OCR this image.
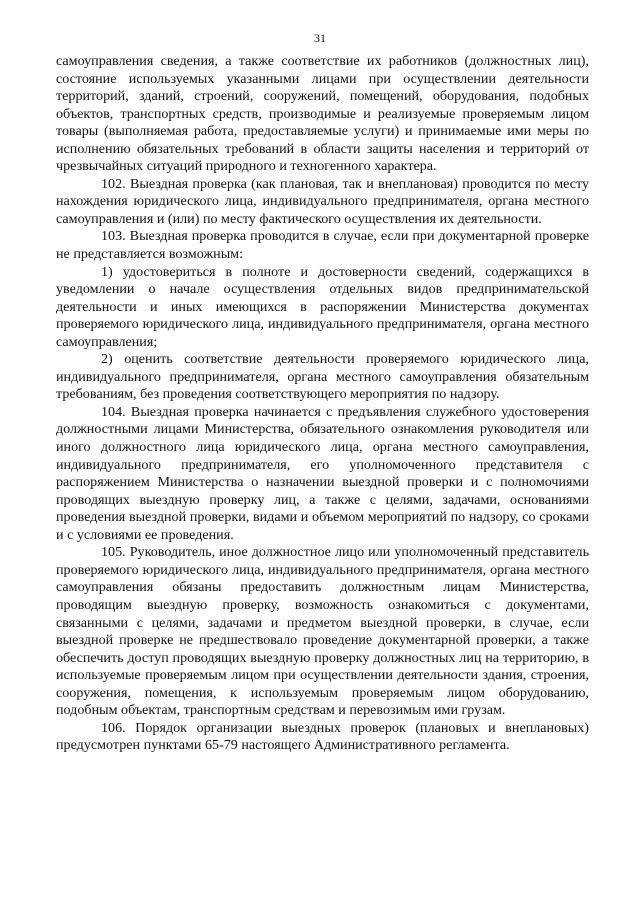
31

самоуправления сведения, а также соответствие их работников (должностных лиц), состояние используемых указанными лицами при осуществлении деятельности территорий, зданий, строений, сооружений, помещений, оборудования, подобных объектов, транспортных средств, производимые и реализуемые проверяемым лицом товары (выполняемая работа, предоставляемые услуги) и принимаемые ими меры по исполнению обязательных требований в области защиты населения и территорий от чрезвычайных ситуаций природного и техногенного характера.

102. Выездная проверка (как плановая, так и внеплановая) проводится по месту нахождения юридического лица, индивидуального предпринимателя, органа местного самоуправления и (или) по месту фактического осуществления их деятельности.

103. Выездная проверка проводится в случае, если при документарной проверке не представляется возможным:

1) удостовериться в полноте и достоверности сведений, содержащихся в уведомлении о начале осуществления отдельных видов предпринимательской деятельности и иных имеющихся в распоряжении Министерства документах проверяемого юридического лица, индивидуального предпринимателя, органа местного самоуправления;

2) оценить соответствие деятельности проверяемого юридического лица, индивидуального предпринимателя, органа местного самоуправления обязательным требованиям, без проведения соответствующего мероприятия по надзору.

104. Выездная проверка начинается с предъявления служебного удостоверения должностными лицами Министерства, обязательного ознакомления руководителя или иного должностного лица юридического лица, органа местного самоуправления, индивидуального предпринимателя, его уполномоченного представителя с распоряжением Министерства о назначении выездной проверки и с полномочиями проводящих выездную проверку лиц, а также с целями, задачами, основаниями проведения выездной проверки, видами и объемом мероприятий по надзору, со сроками и с условиями ее проведения.

105. Руководитель, иное должностное лицо или уполномоченный представитель проверяемого юридического лица, индивидуального предпринимателя, органа местного самоуправления обязаны предоставить должностным лицам Министерства, проводящим выездную проверку, возможность ознакомиться с документами, связанными с целями, задачами и предметом выездной проверки, в случае, если выездной проверке не предшествовало проведение документарной проверки, а также обеспечить доступ проводящих выездную проверку должностных лиц на территорию, в используемые проверяемым лицом при осуществлении деятельности здания, строения, сооружения, помещения, к используемым проверяемым лицом оборудованию, подобным объектам, транспортным средствам и перевозимым ими грузам.

106. Порядок организации выездных проверок (плановых и внеплановых) предусмотрен пунктами 65-79 настоящего Административного регламента.
